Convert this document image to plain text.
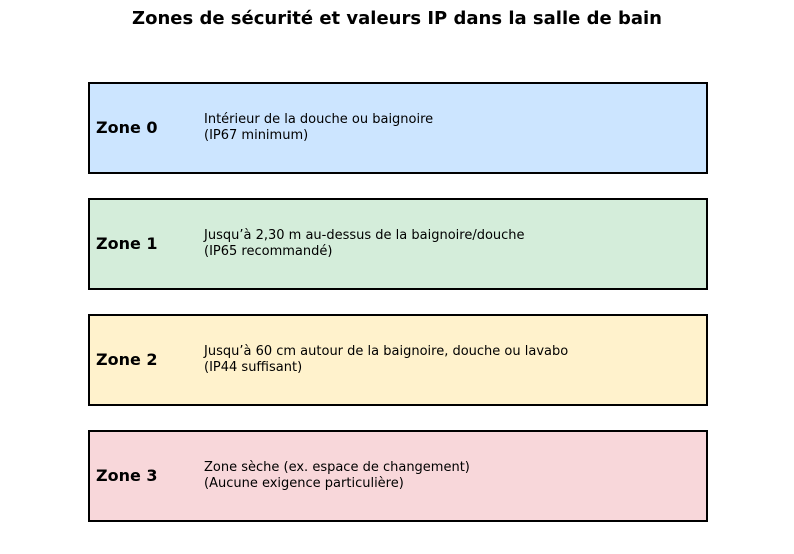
Zones de sécurité et valeurs IP dans la salle de bain
Zone 0	Intérieur de la douche ou baignoire
(IP67 minimum)
Zone 1	Jusqu’à 2,30 m au-dessus de la baignoire/douche
(IP65 recommandé)
Zone 2	Jusqu’à 60 cm autour de la baignoire, douche ou lavabo
(IP44 suffisant)
Zone 3	Zone sèche (ex. espace de changement)
(Aucune exigence particulière)
